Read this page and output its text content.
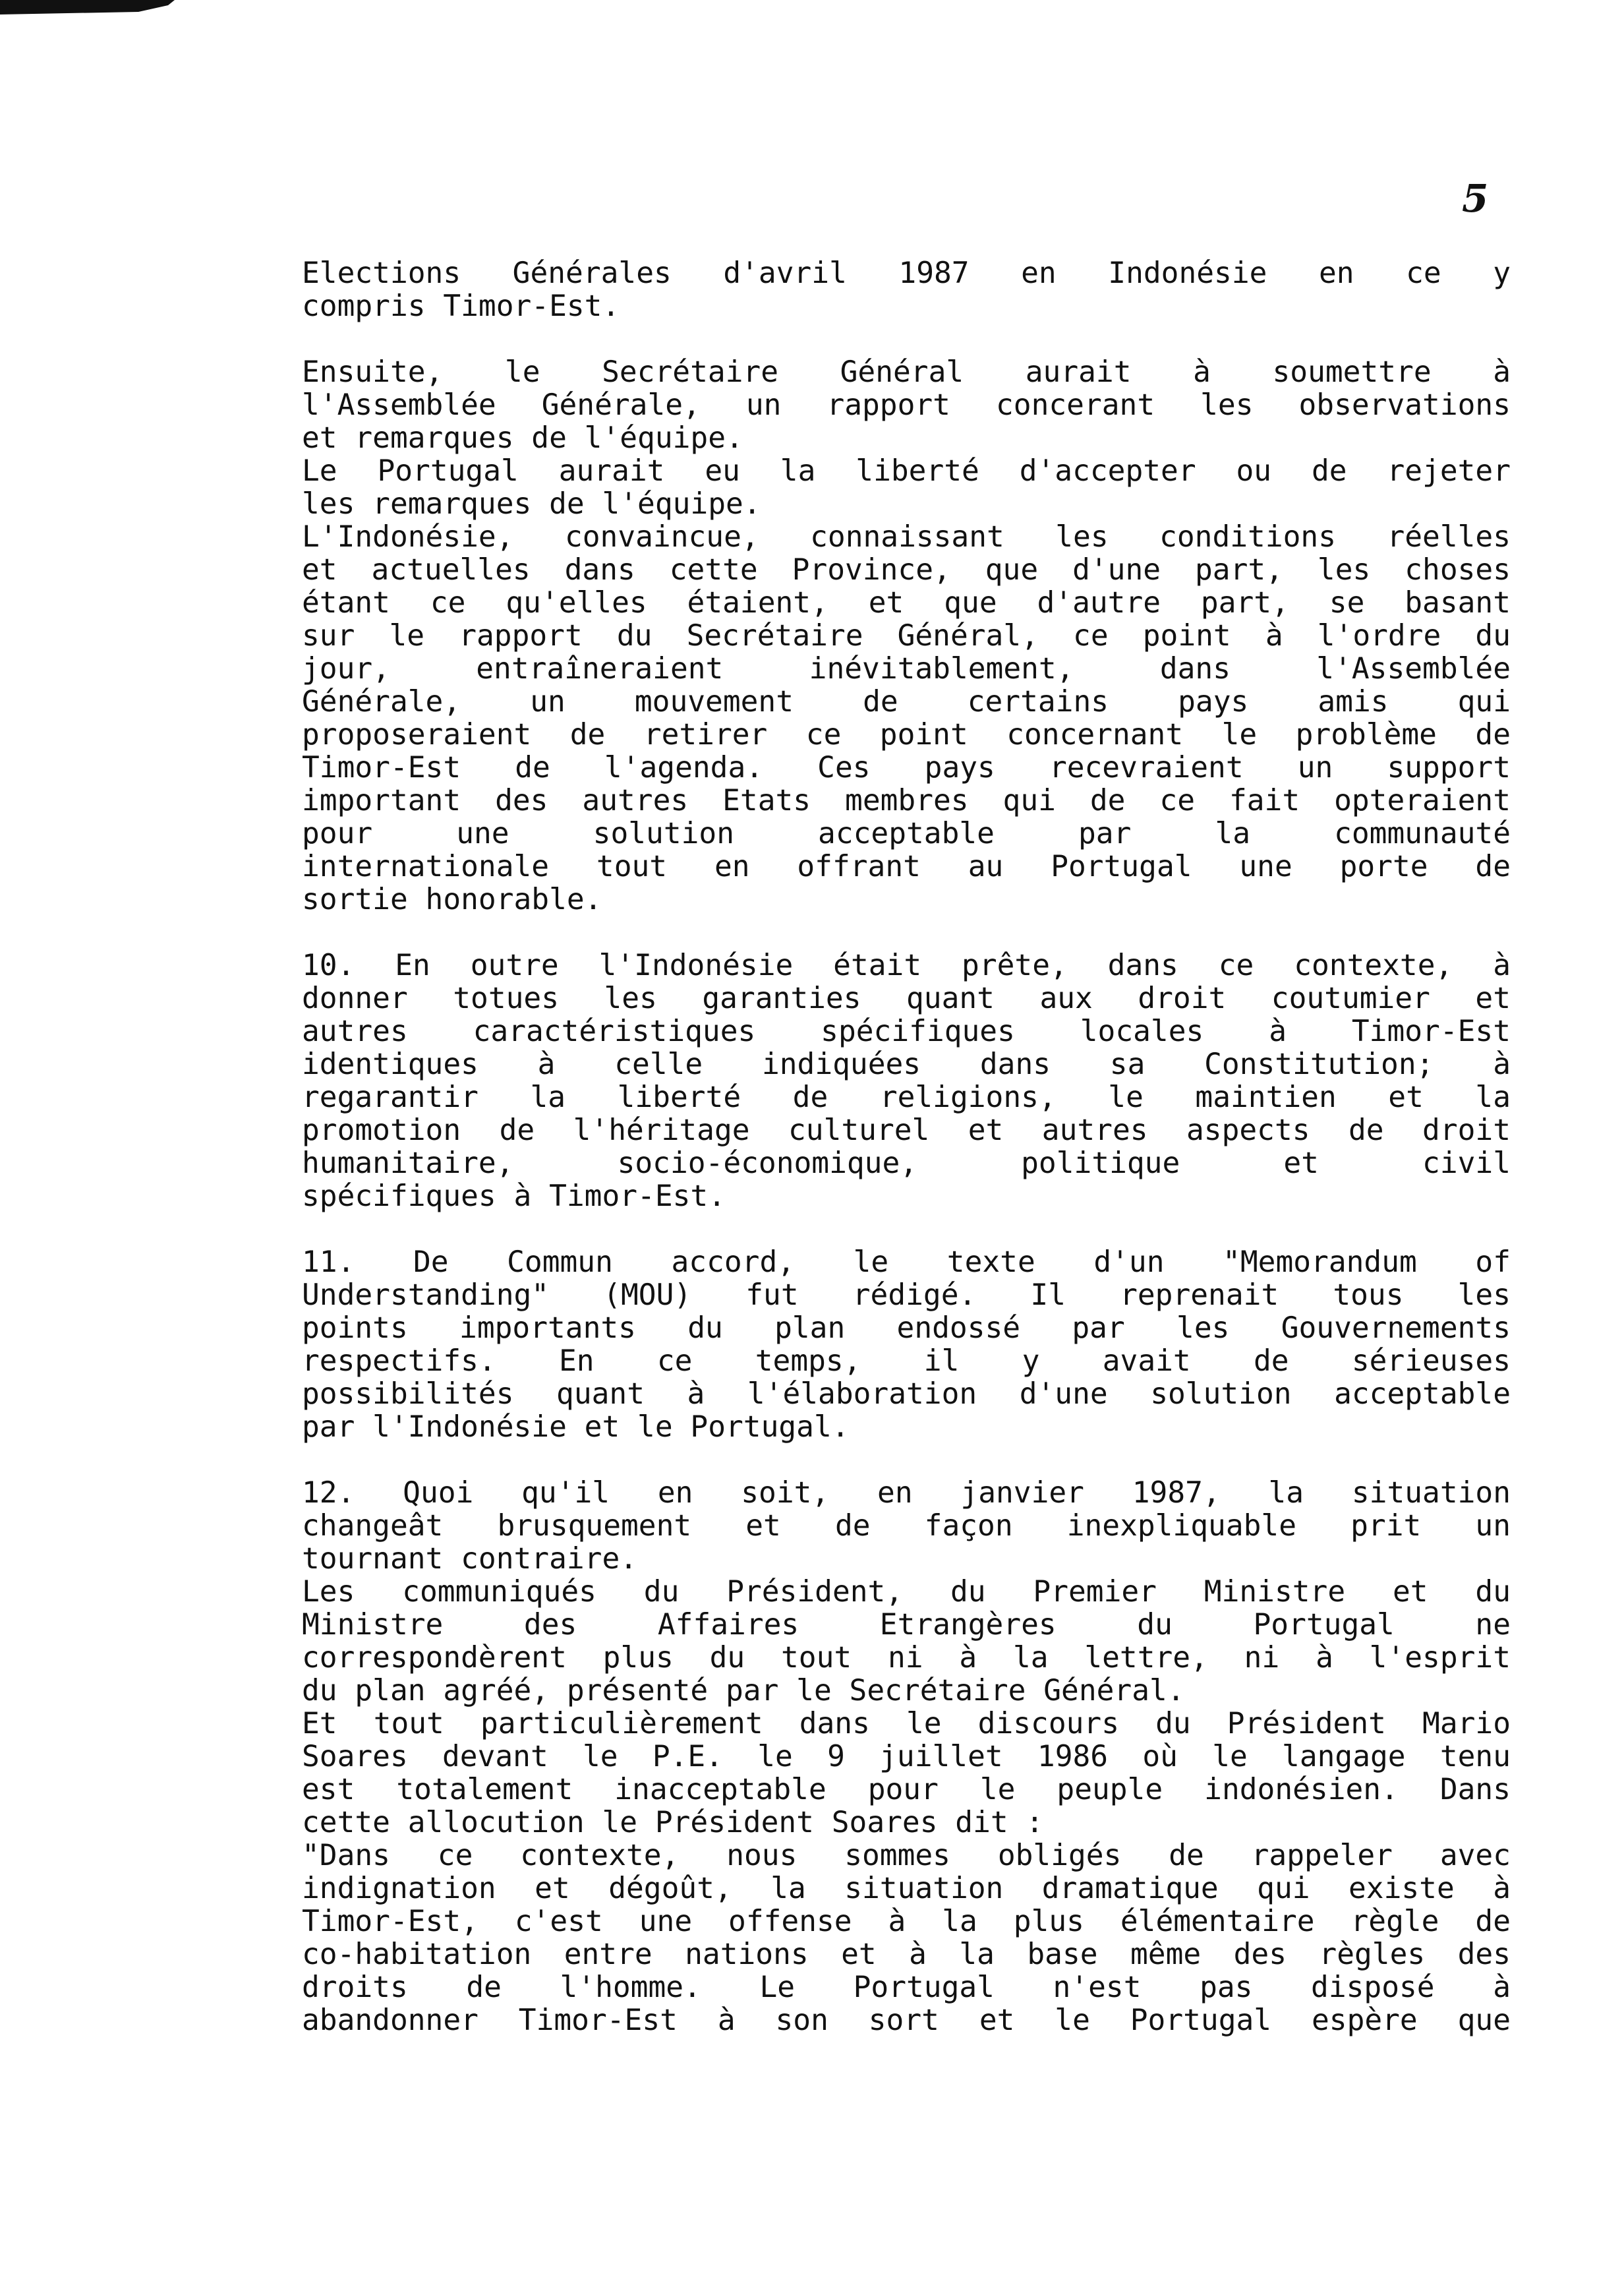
5
Elections Générales d'avril 1987 en Indonésie en ce y
compris Timor-Est.
Ensuite, le Secrétaire Général aurait à soumettre à
l'Assemblée Générale, un rapport concerant les observations
et remarques de l'équipe.
Le Portugal aurait eu la liberté d'accepter ou de rejeter
les remarques de l'équipe.
L'Indonésie, convaincue, connaissant les conditions réelles
et actuelles dans cette Province, que d'une part, les choses
étant ce qu'elles étaient, et que d'autre part, se basant
sur le rapport du Secrétaire Général, ce point à l'ordre du
jour, entraîneraient inévitablement, dans l'Assemblée
Générale, un mouvement de certains pays amis qui
proposeraient de retirer ce point concernant le problème de
Timor-Est de l'agenda. Ces pays recevraient un support
important des autres Etats membres qui de ce fait opteraient
pour une solution acceptable par la communauté
internationale tout en offrant au Portugal une porte de
sortie honorable.
10. En outre l'Indonésie était prête, dans ce contexte, à
donner totues les garanties quant aux droit coutumier et
autres caractéristiques spécifiques locales à Timor-Est
identiques à celle indiquées dans sa Constitution; à
regarantir la liberté de religions, le maintien et la
promotion de l'héritage culturel et autres aspects de droit
humanitaire, socio-économique, politique et civil
spécifiques à Timor-Est.
11. De Commun accord, le texte d'un "Memorandum of
Understanding" (MOU) fut rédigé. Il reprenait tous les
points importants du plan endossé par les Gouvernements
respectifs. En ce temps, il y avait de sérieuses
possibilités quant à l'élaboration d'une solution acceptable
par l'Indonésie et le Portugal.
12. Quoi qu'il en soit, en janvier 1987, la situation
changeât brusquement et de façon inexpliquable prit un
tournant contraire.
Les communiqués du Président, du Premier Ministre et du
Ministre des Affaires Etrangères du Portugal ne
correspondèrent plus du tout ni à la lettre, ni à l'esprit
du plan agréé, présenté par le Secrétaire Général.
Et tout particulièrement dans le discours du Président Mario
Soares devant le P.E. le 9 juillet 1986 où le langage tenu
est totalement inacceptable pour le peuple indonésien. Dans
cette allocution le Président Soares dit :
"Dans ce contexte, nous sommes obligés de rappeler avec
indignation et dégoût, la situation dramatique qui existe à
Timor-Est, c'est une offense à la plus élémentaire règle de
co-habitation entre nations et à la base même des règles des
droits de l'homme. Le Portugal n'est pas disposé à
abandonner Timor-Est à son sort et le Portugal espère que
